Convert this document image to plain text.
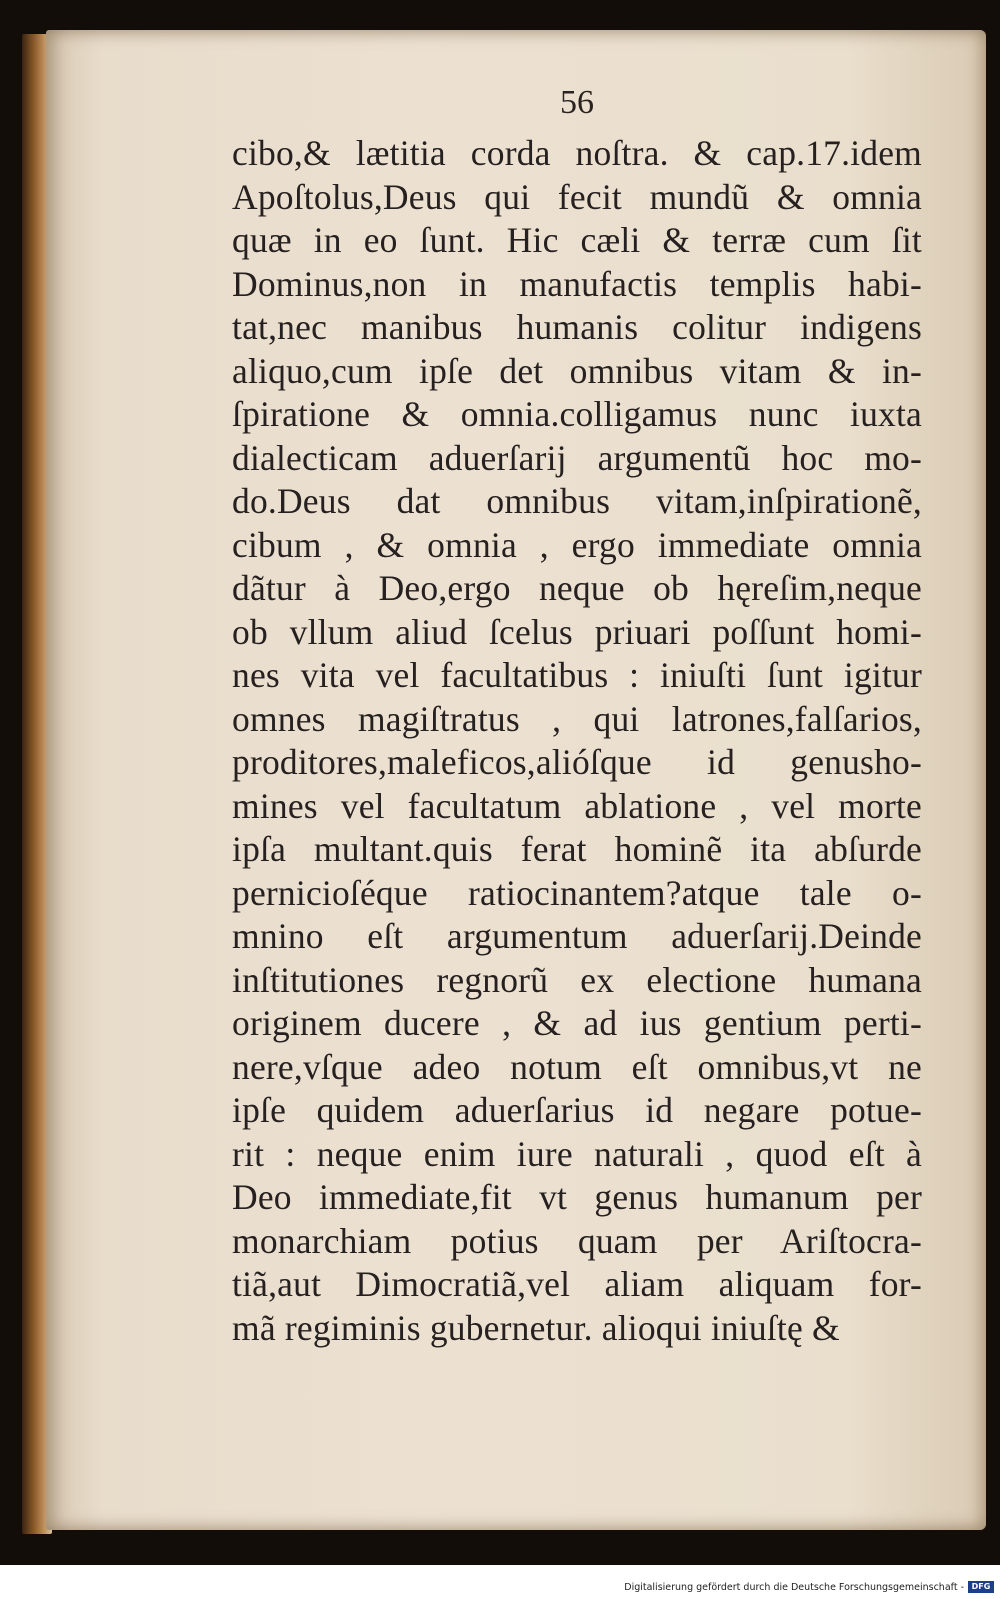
56
cibo,& lætitia corda noſtra. & cap.17.idem
Apoſtolus,Deus qui fecit mundũ & omnia
quæ in eo ſunt. Hic cæli & terræ cum ſit
Dominus,non in manufactis templis habi-
tat,nec manibus humanis colitur indigens
aliquo,cum ipſe det omnibus vitam & in-
ſpiratione & omnia.colligamus nunc iuxta
dialecticam aduerſarij argumentũ hoc mo-
do.Deus dat omnibus vitam,inſpirationẽ,
cibum , & omnia , ergo immediate omnia
dãtur à Deo,ergo neque ob hęreſim,neque
ob vllum aliud ſcelus priuari poſſunt homi-
nes vita vel facultatibus : iniuſti ſunt igitur
omnes magiſtratus , qui latrones,falſarios,
proditores,maleficos,alióſque id genusho-
mines vel facultatum ablatione , vel morte
ipſa multant.quis ferat hominẽ ita abſurde
pernicioſéque ratiocinantem?atque tale o-
mnino eſt argumentum aduerſarij.Deinde
inſtitutiones regnorũ ex electione humana
originem ducere , & ad ius gentium perti-
nere,vſque adeo notum eſt omnibus,vt ne
ipſe quidem aduerſarius id negare potue-
rit : neque enim iure naturali , quod eſt à
Deo immediate,fit vt genus humanum per
monarchiam potius quam per Ariſtocra-
tiã,aut Dimocratiã,vel aliam aliquam for-
mã regiminis gubernetur. alioqui iniuſtę &
Digitalisierung gefördert durch die Deutsche Forschungsgemeinschaft - DFG
